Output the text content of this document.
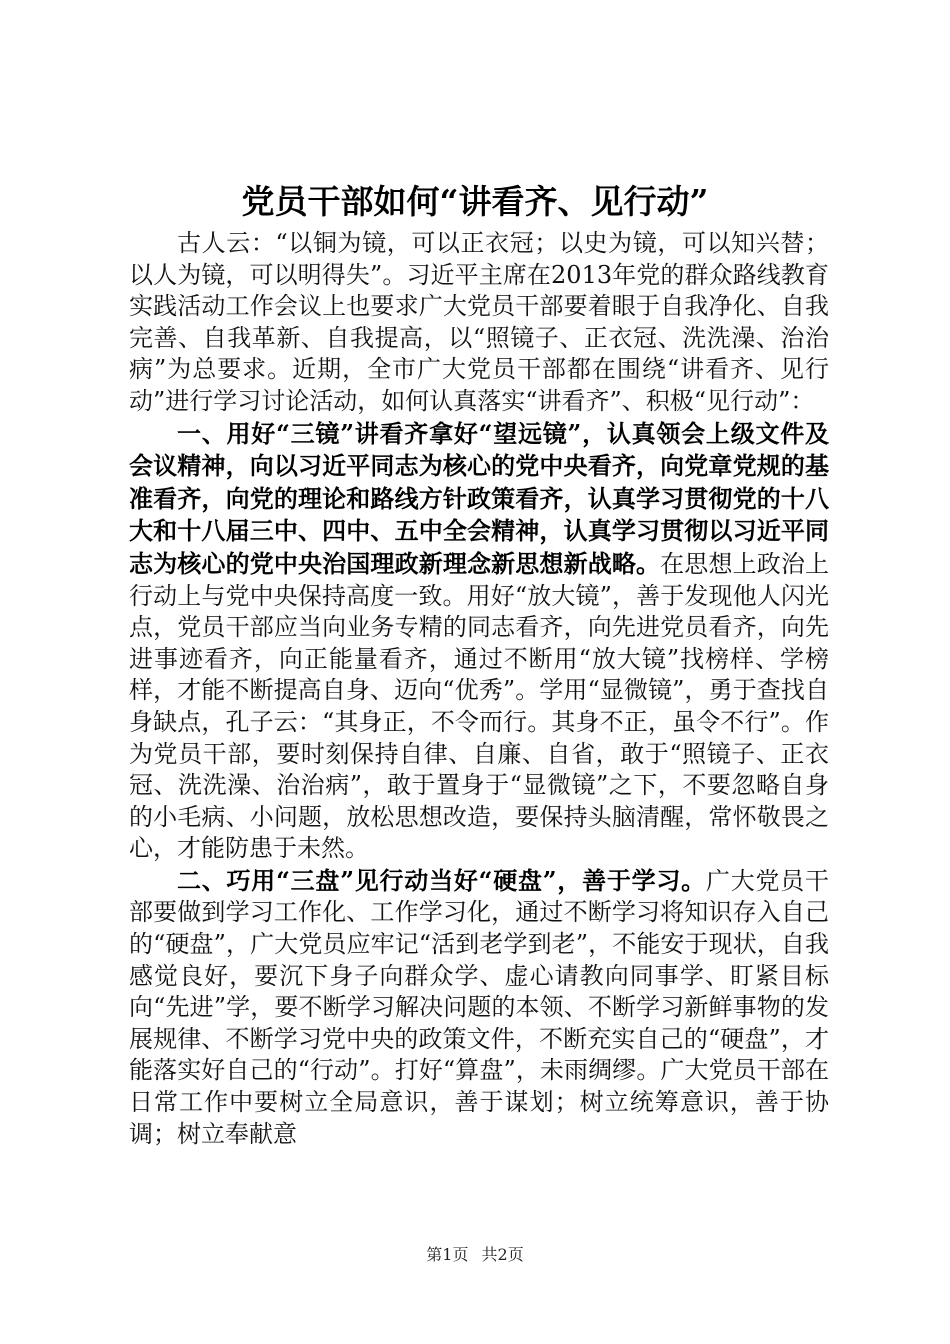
党员干部如何“讲看齐、见行动”

古人云：“以铜为镜，可以正衣冠；以史为镜，可以知兴替；以人为镜，可以明得失”。习近平主席在2013年党的群众路线教育实践活动工作会议上也要求广大党员干部要着眼于自我净化、自我完善、自我革新、自我提高，以“照镜子、正衣冠、洗洗澡、治治病”为总要求。近期，全市广大党员干部都在围绕“讲看齐、见行动”进行学习讨论活动，如何认真落实“讲看齐”、积极“见行动”：

一、用好“三镜”讲看齐拿好“望远镜”，认真领会上级文件及会议精神，向以习近平同志为核心的党中央看齐，向党章党规的基准看齐，向党的理论和路线方针政策看齐，认真学习贯彻党的十八大和十八届三中、四中、五中全会精神，认真学习贯彻以习近平同志为核心的党中央治国理政新理念新思想新战略。在思想上政治上行动上与党中央保持高度一致。用好“放大镜”，善于发现他人闪光点，党员干部应当向业务专精的同志看齐，向先进党员看齐，向先进事迹看齐，向正能量看齐，通过不断用“放大镜”找榜样、学榜样，才能不断提高自身、迈向“优秀”。学用“显微镜”，勇于查找自身缺点，孔子云：“其身正，不令而行。其身不正，虽令不行”。作为党员干部，要时刻保持自律、自廉、自省，敢于“照镜子、正衣冠、洗洗澡、治治病”，敢于置身于“显微镜”之下，不要忽略自身的小毛病、小问题，放松思想改造，要保持头脑清醒，常怀敬畏之心，才能防患于未然。

二、巧用“三盘”见行动当好“硬盘”，善于学习。广大党员干部要做到学习工作化、工作学习化，通过不断学习将知识存入自己的“硬盘”，广大党员应牢记“活到老学到老”，不能安于现状，自我感觉良好，要沉下身子向群众学、虚心请教向同事学、盯紧目标向“先进”学，要不断学习解决问题的本领、不断学习新鲜事物的发展规律、不断学习党中央的政策文件，不断充实自己的“硬盘”，才能落实好自己的“行动”。打好“算盘”，未雨绸缪。广大党员干部在日常工作中要树立全局意识，善于谋划；树立统筹意识，善于协调；树立奉献意

第1页 共2页
